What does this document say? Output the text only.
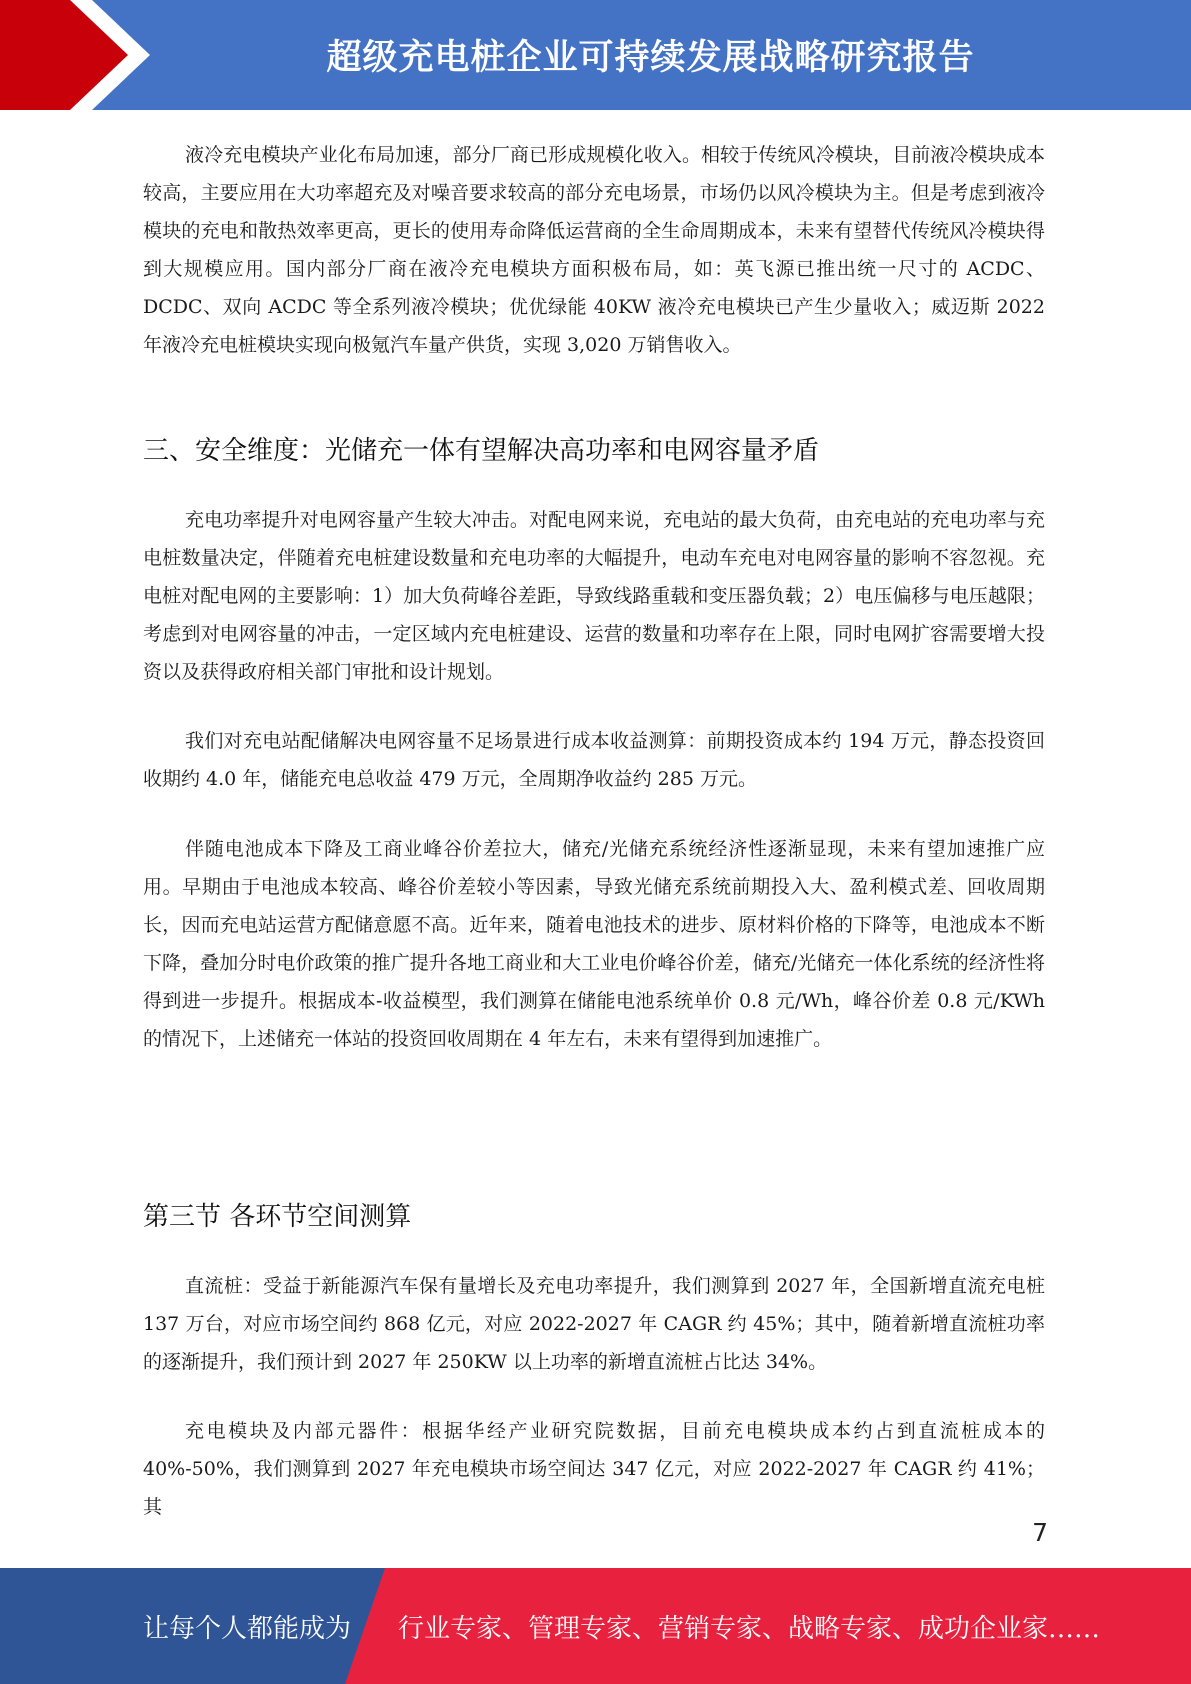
超级充电桩企业可持续发展战略研究报告

液冷充电模块产业化布局加速，部分厂商已形成规模化收入。相较于传统风冷模块，目前液冷模块成本较高，主要应用在大功率超充及对噪音要求较高的部分充电场景，市场仍以风冷模块为主。但是考虑到液冷模块的充电和散热效率更高，更长的使用寿命降低运营商的全生命周期成本，未来有望替代传统风冷模块得到大规模应用。国内部分厂商在液冷充电模块方面积极布局，如：英飞源已推出统一尺寸的 ACDC、DCDC、双向 ACDC 等全系列液冷模块；优优绿能 40KW 液冷充电模块已产生少量收入；威迈斯 2022 年液冷充电桩模块实现向极氪汽车量产供货，实现 3,020 万销售收入。

三、安全维度：光储充一体有望解决高功率和电网容量矛盾

充电功率提升对电网容量产生较大冲击。对配电网来说，充电站的最大负荷，由充电站的充电功率与充电桩数量决定，伴随着充电桩建设数量和充电功率的大幅提升，电动车充电对电网容量的影响不容忽视。充电桩对配电网的主要影响：1）加大负荷峰谷差距，导致线路重载和变压器负载；2）电压偏移与电压越限；考虑到对电网容量的冲击，一定区域内充电桩建设、运营的数量和功率存在上限，同时电网扩容需要增大投资以及获得政府相关部门审批和设计规划。

我们对充电站配储解决电网容量不足场景进行成本收益测算：前期投资成本约 194 万元，静态投资回收期约 4.0 年，储能充电总收益 479 万元，全周期净收益约 285 万元。

伴随电池成本下降及工商业峰谷价差拉大，储充/光储充系统经济性逐渐显现，未来有望加速推广应用。早期由于电池成本较高、峰谷价差较小等因素，导致光储充系统前期投入大、盈利模式差、回收周期长，因而充电站运营方配储意愿不高。近年来，随着电池技术的进步、原材料价格的下降等，电池成本不断下降，叠加分时电价政策的推广提升各地工商业和大工业电价峰谷价差，储充/光储充一体化系统的经济性将得到进一步提升。根据成本-收益模型，我们测算在储能电池系统单价 0.8 元/Wh，峰谷价差 0.8 元/KWh 的情况下，上述储充一体站的投资回收周期在 4 年左右，未来有望得到加速推广。

第三节 各环节空间测算

直流桩：受益于新能源汽车保有量增长及充电功率提升，我们测算到 2027 年，全国新增直流充电桩 137 万台，对应市场空间约 868 亿元，对应 2022-2027 年 CAGR 约 45%；其中，随着新增直流桩功率的逐渐提升，我们预计到 2027 年 250KW 以上功率的新增直流桩占比达 34%。

充电模块及内部元器件：根据华经产业研究院数据，目前充电模块成本约占到直流桩成本的 40%-50%，我们测算到 2027 年充电模块市场空间达 347 亿元，对应 2022-2027 年 CAGR 约 41%；其

7
让每个人都能成为 行业专家、管理专家、营销专家、战略专家、成功企业家……
